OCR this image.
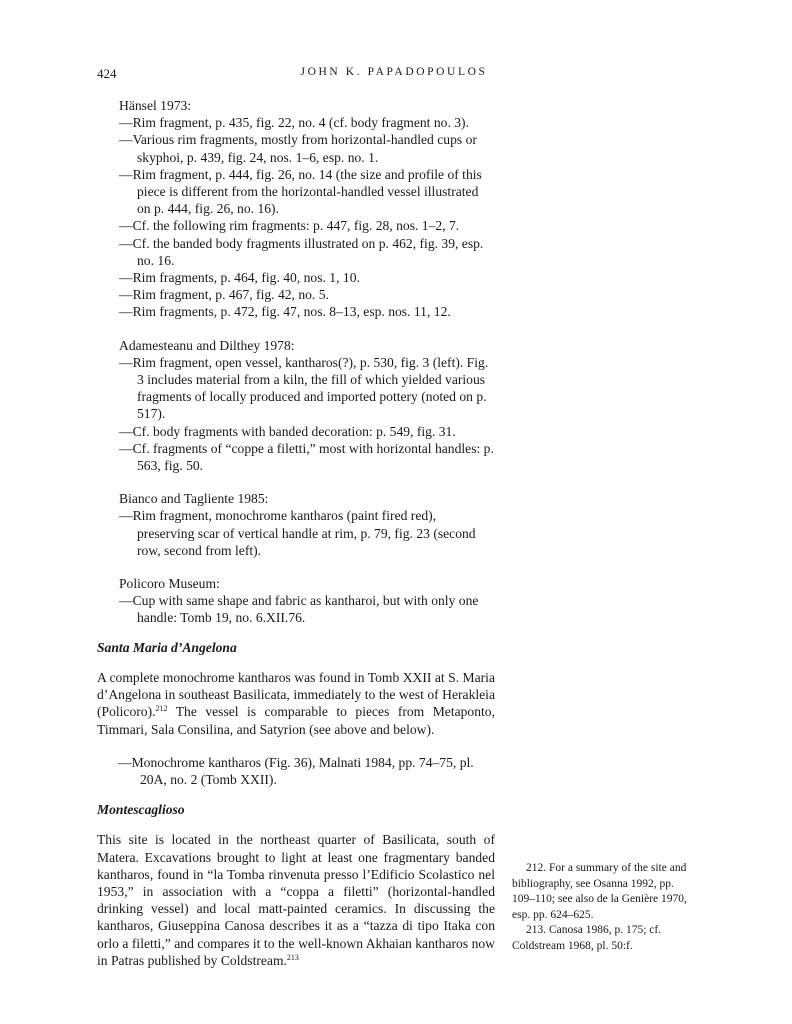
424	JOHN K. PAPADOPOULOS

Hänsel 1973:

—Rim fragment, p. 435, fig. 22, no. 4 (cf. body fragment no. 3).

—Various rim fragments, mostly from horizontal-handled cups or skyphoi, p. 439, fig. 24, nos. 1–6, esp. no. 1.

—Rim fragment, p. 444, fig. 26, no. 14 (the size and profile of this piece is different from the horizontal-handled vessel illustrated on p. 444, fig. 26, no. 16).

—Cf. the following rim fragments: p. 447, fig. 28, nos. 1–2, 7.

—Cf. the banded body fragments illustrated on p. 462, fig. 39, esp. no. 16.

—Rim fragments, p. 464, fig. 40, nos. 1, 10.

—Rim fragment, p. 467, fig. 42, no. 5.

—Rim fragments, p. 472, fig. 47, nos. 8–13, esp. nos. 11, 12.

Adamesteanu and Dilthey 1978:

—Rim fragment, open vessel, kantharos(?), p. 530, fig. 3 (left). Fig. 3 includes material from a kiln, the fill of which yielded various fragments of locally produced and imported pottery (noted on p. 517).

—Cf. body fragments with banded decoration: p. 549, fig. 31.

—Cf. fragments of “coppe a filetti,” most with horizontal handles: p. 563, fig. 50.

Bianco and Tagliente 1985:

—Rim fragment, monochrome kantharos (paint fired red), preserving scar of vertical handle at rim, p. 79, fig. 23 (second row, second from left).

Policoro Museum:

—Cup with same shape and fabric as kantharoi, but with only one handle: Tomb 19, no. 6.XII.76.

Santa Maria d’Angelona

A complete monochrome kantharos was found in Tomb XXII at S. Maria d’Angelona in southeast Basilicata, immediately to the west of Herakleia (Policoro).$^{212}$ The vessel is comparable to pieces from Metaponto, Timmari, Sala Consilina, and Satyrion (see above and below).

—Monochrome kantharos (Fig. 36), Malnati 1984, pp. 74–75, pl. 20A, no. 2 (Tomb XXII).

Montescaglioso

This site is located in the northeast quarter of Basilicata, south of Matera. Excavations brought to light at least one fragmentary banded kantharos, found in “la Tomba rinvenuta presso l’Edificio Scolastico nel 1953,” in association with a “coppa a filetti” (horizontal-handled drinking vessel) and local matt-painted ceramics. In discussing the kantharos, Giuseppina Canosa describes it as a “tazza di tipo Itaka con orlo a filetti,” and compares it to the well-known Akhaian kantharos now in Patras published by Coldstream.$^{213}$

212. For a summary of the site and bibliography, see Osanna 1992, pp. 109–110; see also de la Genière 1970, esp. pp. 624–625.

213. Canosa 1986, p. 175; cf. Coldstream 1968, pl. 50:f.
